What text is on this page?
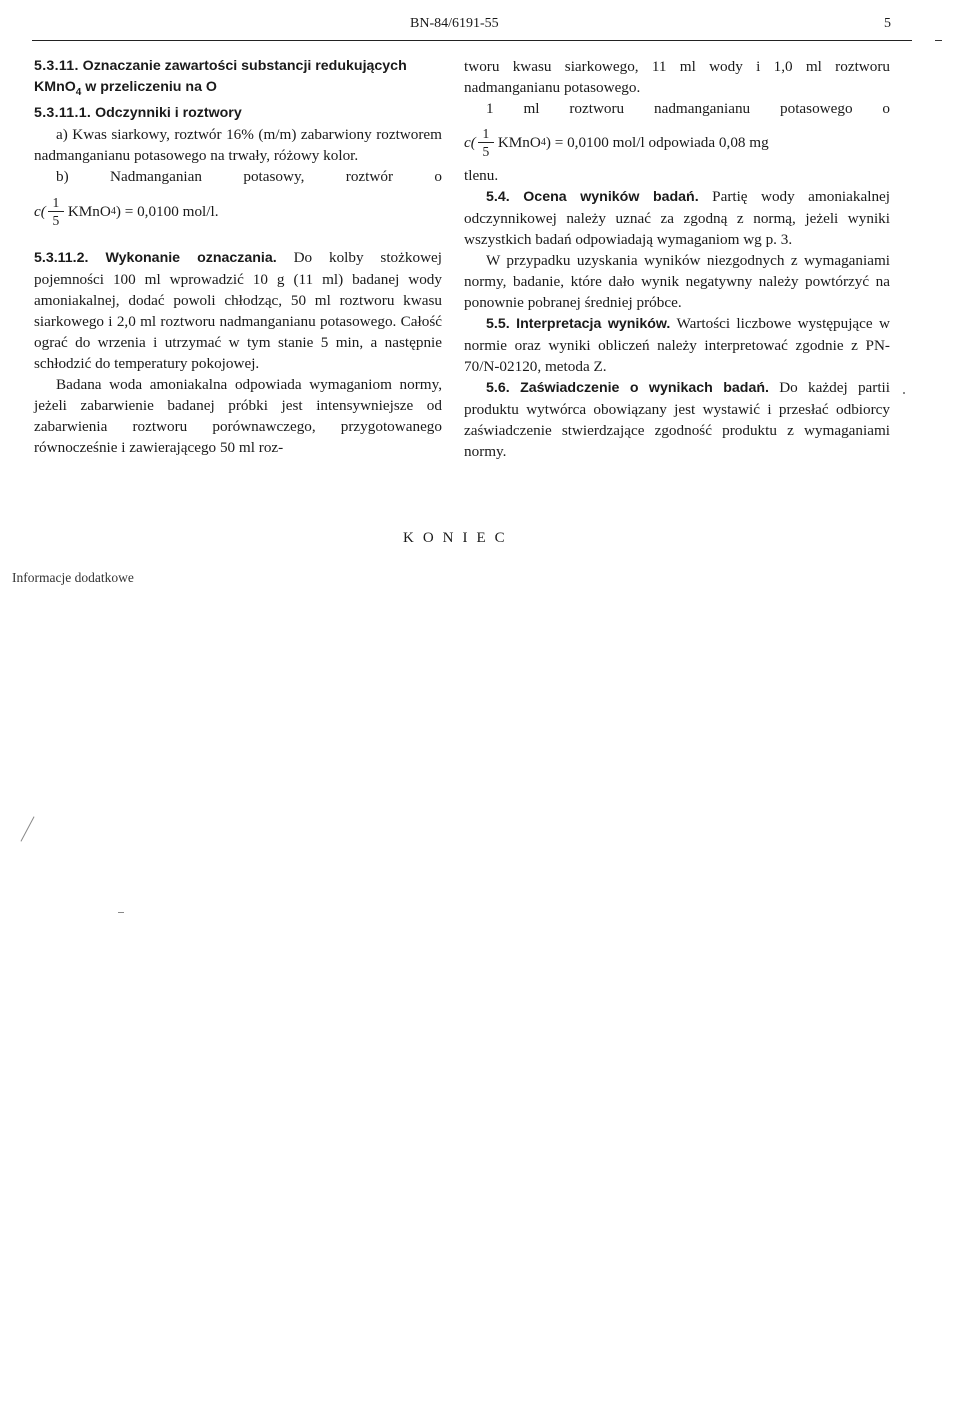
BN-84/6191-55	5

5.3.11. Oznaczanie zawartości substancji redukujących

KMnO$_4$ w przeliczeniu na O

5.3.11.1. Odczynniki i roztwory

a) Kwas siarkowy, roztwór 16% (m/m) zabarwiony roztworem nadmanganianu potasowego na trwały, różowy kolor.

b) Nadmanganian potasowy, roztwór o

$c( \frac{1}{5}$ KMnO 4 ) = 0,0100 mol/l.

5.3.11.2. Wykonanie oznaczania. Do kolby stożkowej pojemności 100 ml wprowadzić 10 g (11 ml) badanej wody amoniakalnej, dodać powoli chłodząc, 50 ml roztworu kwasu siarkowego i 2,0 ml roztworu nadmanganianu potasowego. Całość ograć do wrzenia i utrzymać w tym stanie 5 min, a następnie schłodzić do temperatury pokojowej.

Badana woda amoniakalna odpowiada wymaganiom normy, jeżeli zabarwienie badanej próbki jest intensywniejsze od zabarwienia roztworu porównawczego, przygotowanego równocześnie i zawierającego 50 ml roz-

tworu kwasu siarkowego, 11 ml wody i 1,0 ml roztworu nadmanganianu potasowego.

1 ml roztworu nadmanganianu potasowego o

$c( \frac{1}{5}$ KMnO 4 ) = 0,0100 mol/l odpowiada 0,08 mg

tlenu.

5.4. Ocena wyników badań. Partię wody amoniakalnej odczynnikowej należy uznać za zgodną z normą, jeżeli wyniki wszystkich badań odpowiadają wymaganiom wg p. 3.

W przypadku uzyskania wyników niezgodnych z wymaganiami normy, badanie, które dało wynik negatywny należy powtórzyć na ponownie pobranej średniej próbce.

5.5. Interpretacja wyników. Wartości liczbowe występujące w normie oraz wyniki obliczeń należy interpretować zgodnie z PN-70/N-02120, metoda Z.

5.6. Zaświadczenie o wynikach badań. Do każdej partii produktu wytwórca obowiązany jest wystawić i przesłać odbiorcy zaświadczenie stwierdzające zgodność produktu z wymaganiami normy.

KONIEC
Informacje dodatkowe
